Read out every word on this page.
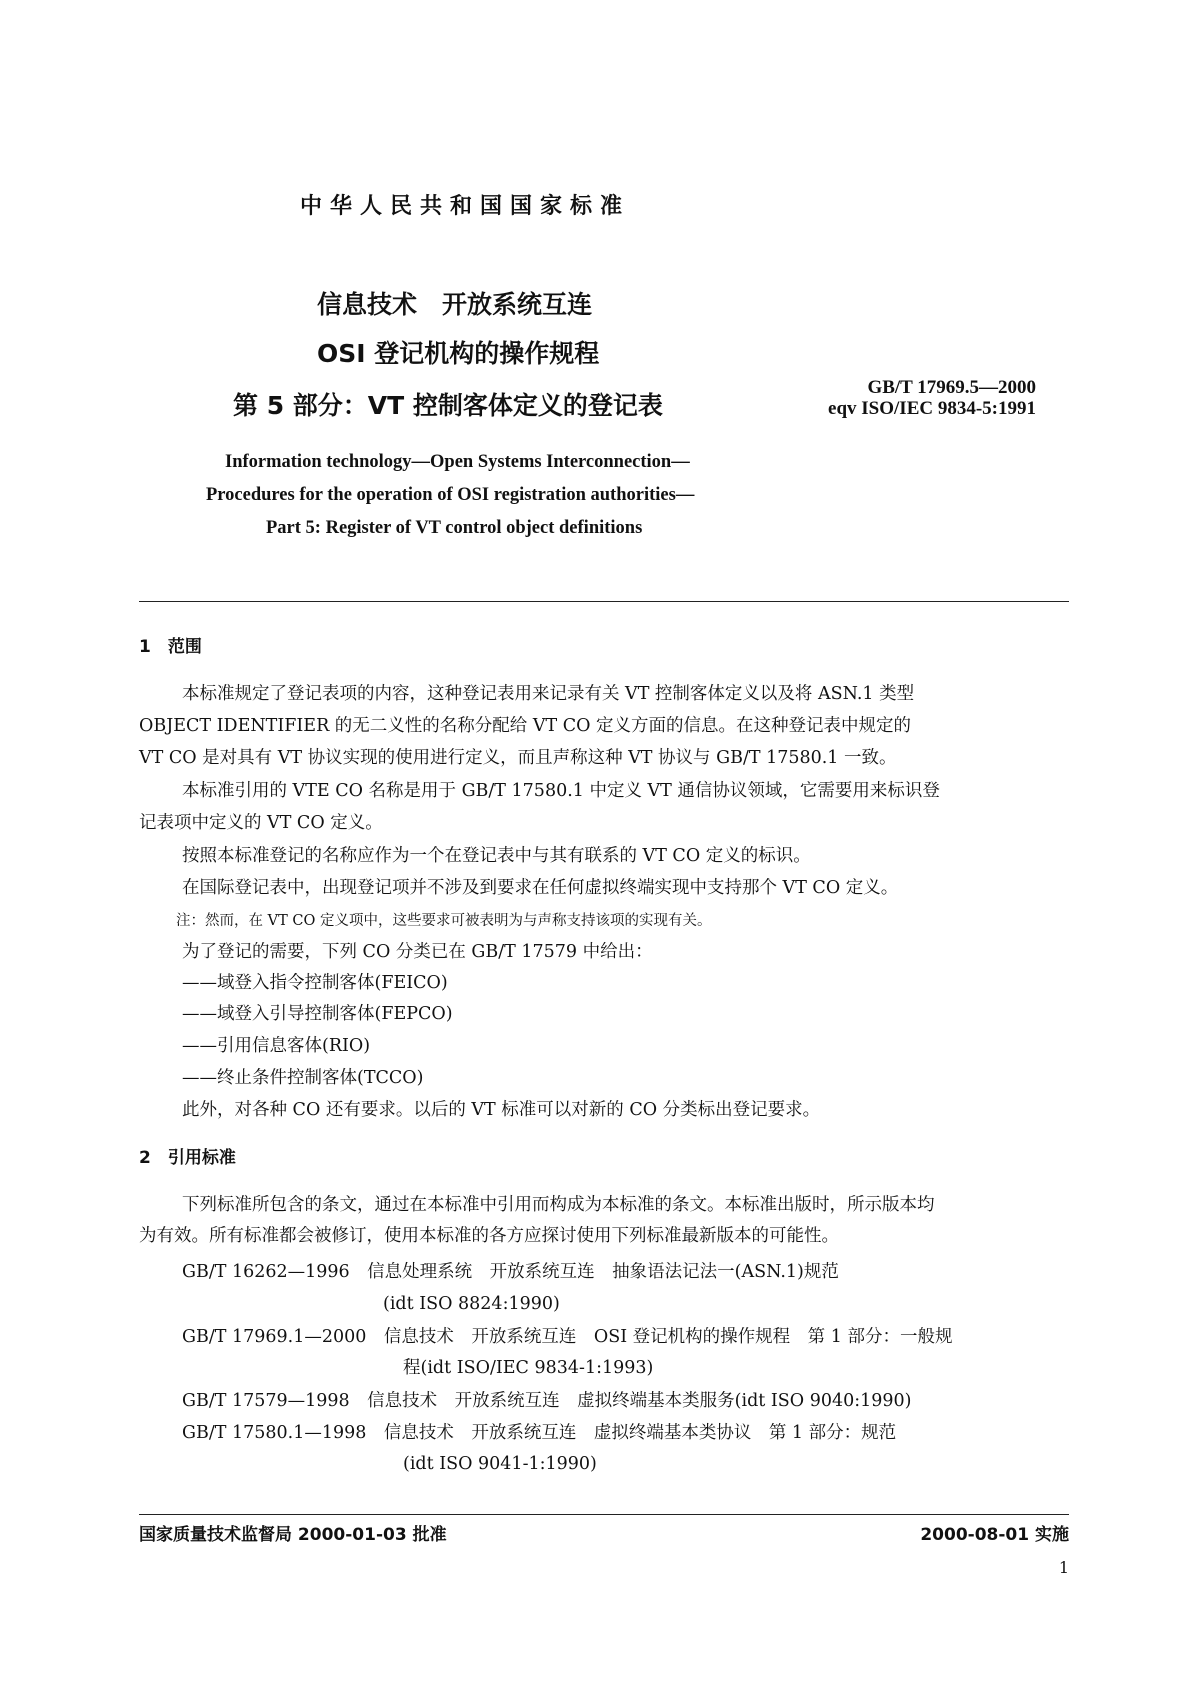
中华人民共和国国家标准
信息技术　开放系统互连
OSI 登记机构的操作规程
第 5 部分：VT 控制客体定义的登记表
GB/T 17969.5—2000
eqv ISO/IEC 9834-5:1991
Information technology—Open Systems Interconnection—
Procedures for the operation of OSI registration authorities—
Part 5: Register of VT control object definitions
1　范围
本标准规定了登记表项的内容，这种登记表用来记录有关 VT 控制客体定义以及将 ASN.1 类型
OBJECT IDENTIFIER 的无二义性的名称分配给 VT CO 定义方面的信息。在这种登记表中规定的
VT CO 是对具有 VT 协议实现的使用进行定义，而且声称这种 VT 协议与 GB/T 17580.1 一致。
本标准引用的 VTE CO 名称是用于 GB/T 17580.1 中定义 VT 通信协议领域，它需要用来标识登
记表项中定义的 VT CO 定义。
按照本标准登记的名称应作为一个在登记表中与其有联系的 VT CO 定义的标识。
在国际登记表中，出现登记项并不涉及到要求在任何虚拟终端实现中支持那个 VT CO 定义。
注：然而，在 VT CO 定义项中，这些要求可被表明为与声称支持该项的实现有关。
为了登记的需要，下列 CO 分类已在 GB/T 17579 中给出：
——域登入指令控制客体(FEICO)
——域登入引导控制客体(FEPCO)
——引用信息客体(RIO)
——终止条件控制客体(TCCO)
此外，对各种 CO 还有要求。以后的 VT 标准可以对新的 CO 分类标出登记要求。
2　引用标准
下列标准所包含的条文，通过在本标准中引用而构成为本标准的条文。本标准出版时，所示版本均
为有效。所有标准都会被修订，使用本标准的各方应探讨使用下列标准最新版本的可能性。
GB/T 16262—1996　信息处理系统　开放系统互连　抽象语法记法一(ASN.1)规范
(idt ISO 8824:1990)
GB/T 17969.1—2000　信息技术　开放系统互连　OSI 登记机构的操作规程　第 1 部分：一般规
程(idt ISO/IEC 9834-1:1993)
GB/T 17579—1998　信息技术　开放系统互连　虚拟终端基本类服务(idt ISO 9040:1990)
GB/T 17580.1—1998　信息技术　开放系统互连　虚拟终端基本类协议　第 1 部分：规范
(idt ISO 9041-1:1990)
国家质量技术监督局 2000-01-03 批准	2000-08-01 实施
1
